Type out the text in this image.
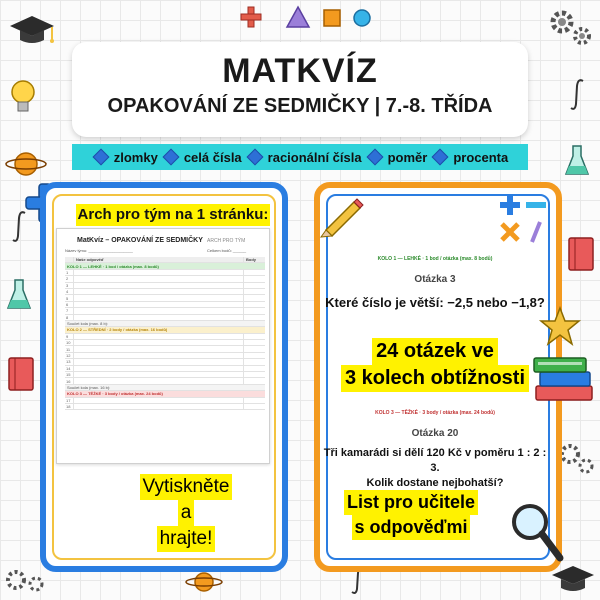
MATKVÍZ
OPAKOVÁNÍ ZE SEDMIČKY | 7.-8. TŘÍDA
zlomky celá čísla racionální čísla poměr procenta
Arch pro tým na 1 stránku:
MatKvíz – OPAKOVÁNÍ ZE SEDMIČKY ARCH PRO TÝM
Název týmu: ____________________	Celkem bodů: ______
Naše odpověď	Body
KOLO 1 — LEHKÉ · 1 bod / otázka (max. 8 bodů)
1
2
3
4
5
6
7
8
Součet kola (max. 8 b):
KOLO 2 — STŘEDNÍ · 2 body / otázka (max. 16 bodů)
9
10
11
12
13
14
15
16
Součet kola (max. 16 b):
KOLO 3 — TĚŽKÉ · 3 body / otázka (max. 24 bodů)
17
18
Vytiskněte
a
hrajte!
KOLO 1 — LEHKÉ · 1 bod / otázka (max. 8 bodů)
Otázka 3
Které číslo je větší: −2,5 nebo −1,8?
24 otázek ve
3 kolech obtížnosti
KOLO 3 — TĚŽKÉ · 3 body / otázka (max. 24 bodů)
Otázka 20
Tři kamarádi si dělí 120 Kč v poměru 1 : 2 : 3.
Kolik dostane nejbohatší?
List pro učitele
s odpověďmi
